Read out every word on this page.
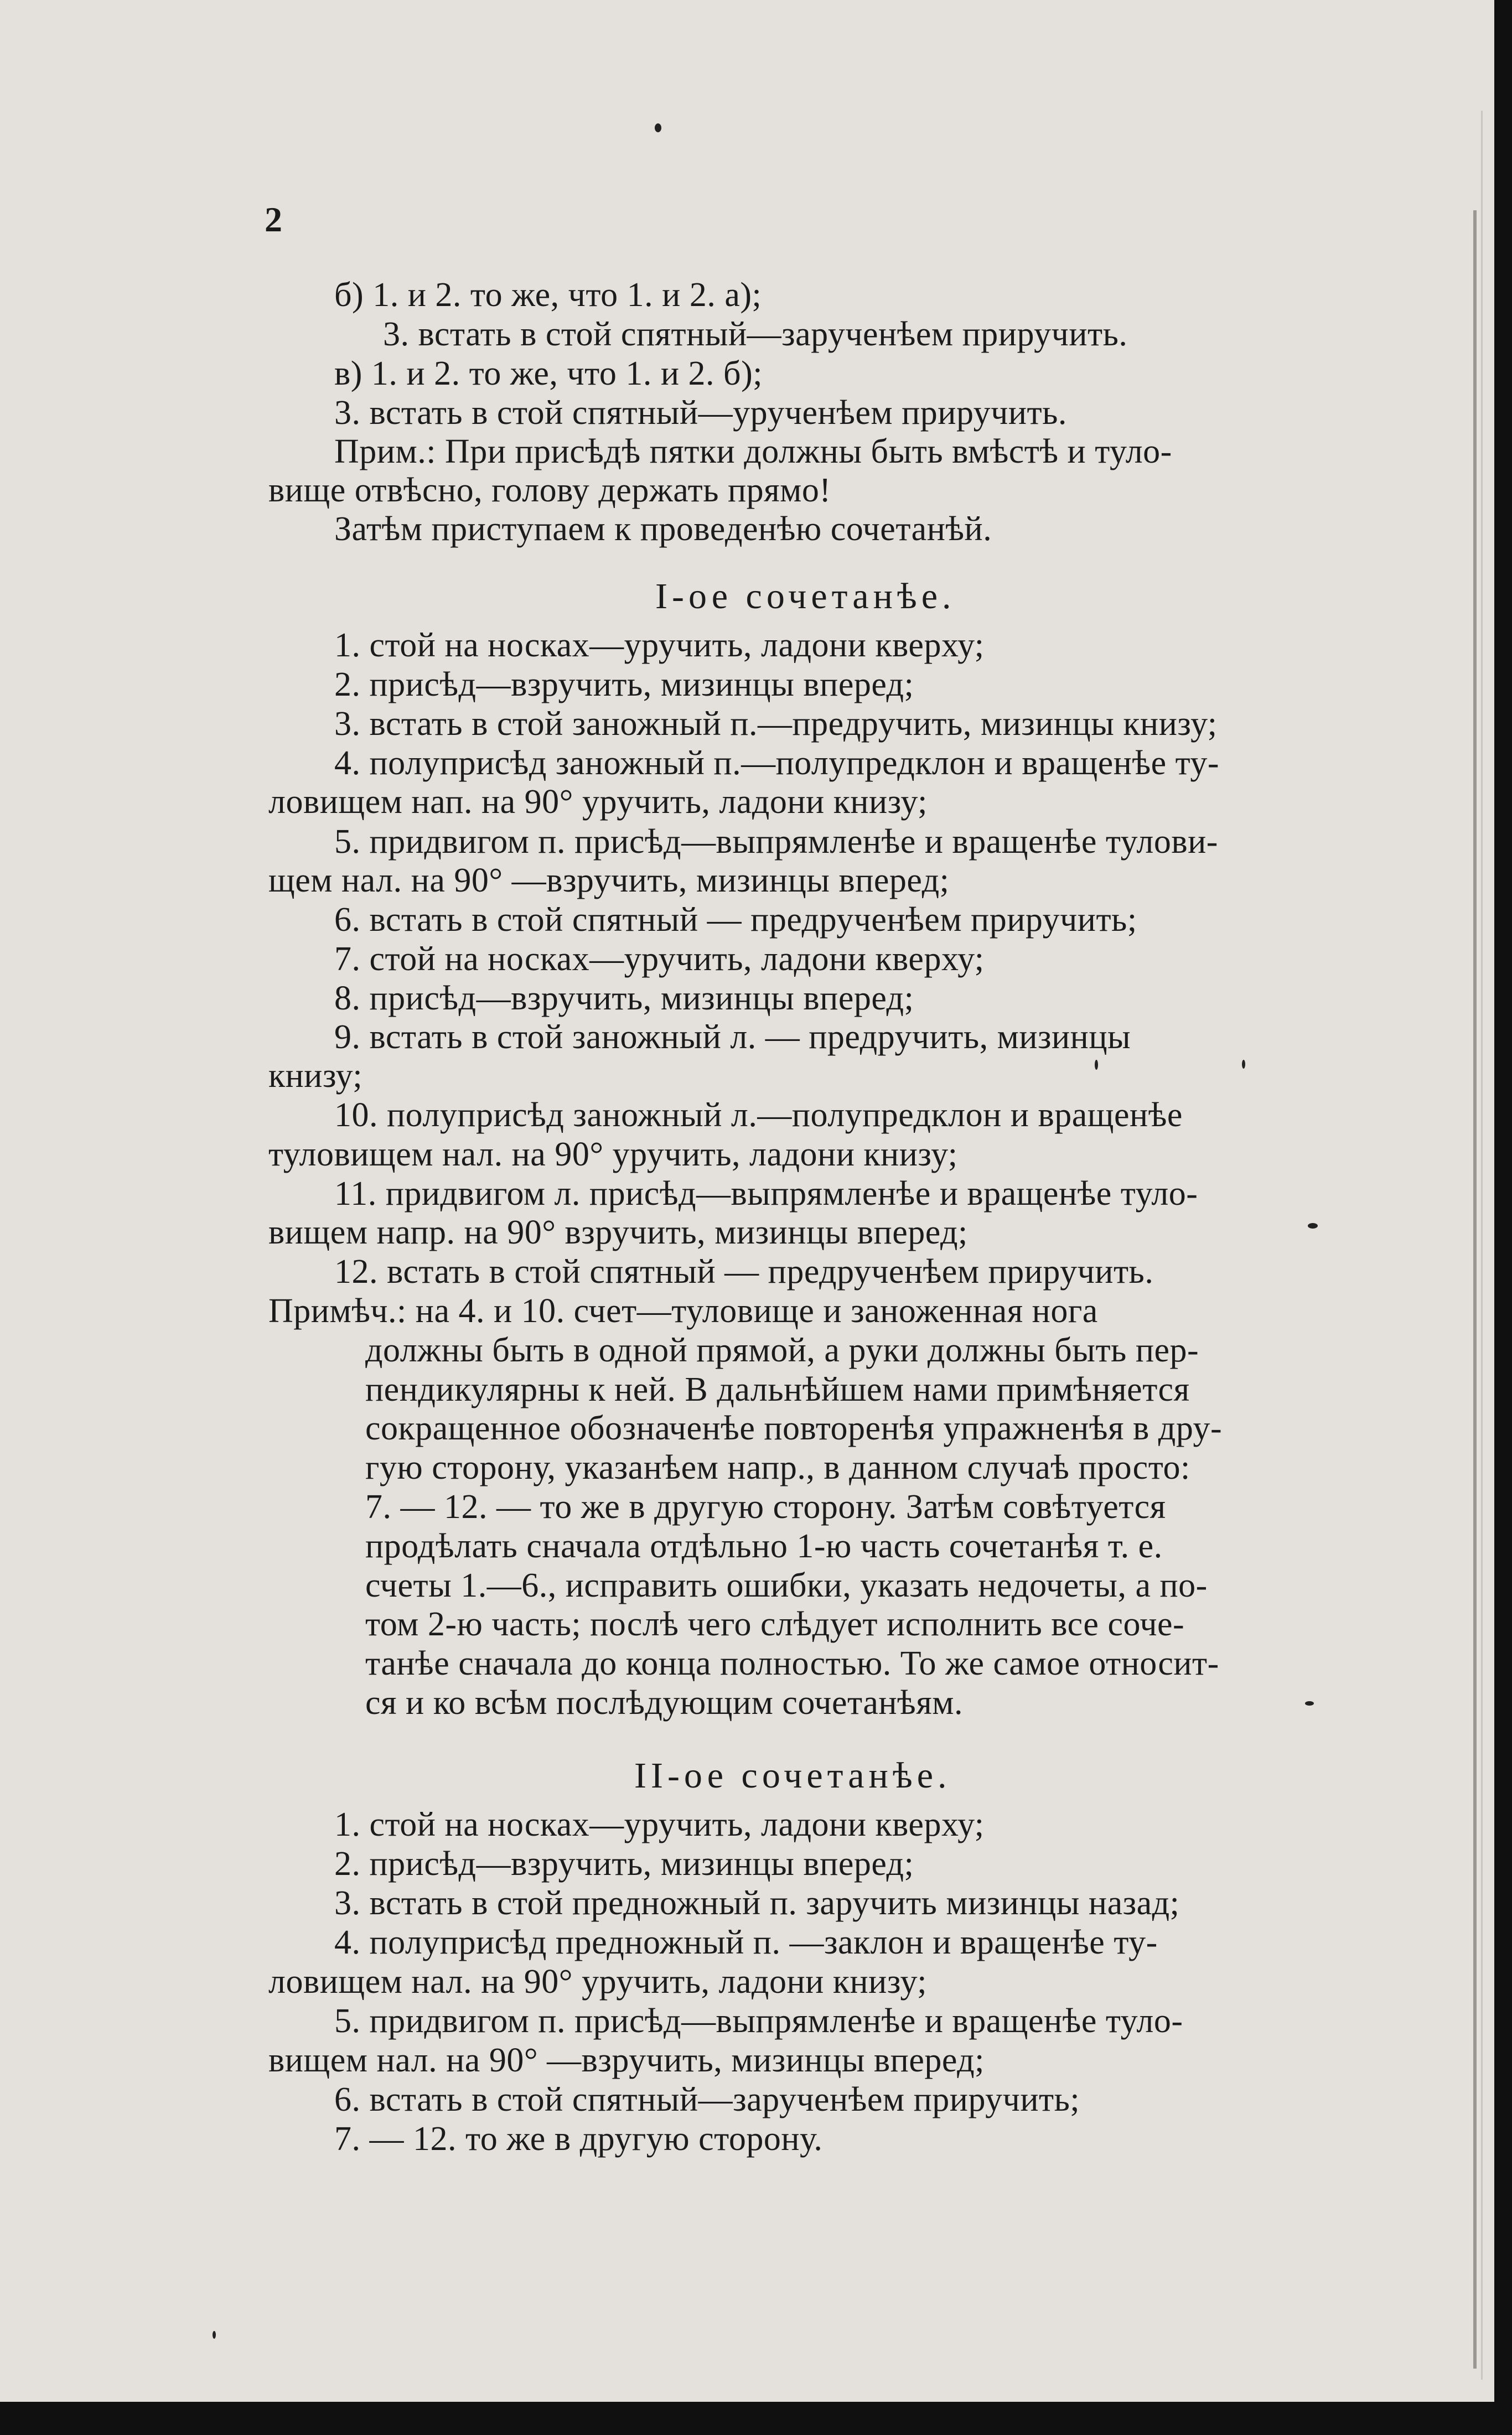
2
б) 1. и 2. то же, что 1. и 2. а);
3. встать в стой спятный—зарученѣем приручить.
в) 1. и 2. то же, что 1. и 2. б);
3. встать в стой спятный—урученѣем приручить.
Прим.: При присѣдѣ пятки должны быть вмѣстѣ и туло-
вище отвѣсно, голову держать прямо!
Затѣм приступаем к проведенѣю сочетанѣй.
I-ое сочетанѣе.
1. стой на носках—уручить, ладони кверху;
2. присѣд—взручить, мизинцы вперед;
3. встать в стой заножный п.—предручить, мизинцы книзу;
4. полуприсѣд заножный п.—полупредклон и вращенѣе ту-
ловищем нап. на 90° уручить, ладони книзу;
5. придвигом п. присѣд—выпрямленѣе и вращенѣе тулови-
щем нал. на 90° —взручить, мизинцы вперед;
6. встать в стой спятный — предрученѣем приручить;
7. стой на носках—уручить, ладони кверху;
8. присѣд—взручить, мизинцы вперед;
9. встать в стой заножный л. — предручить, мизинцы
книзу;
10. полуприсѣд заножный л.—полупредклон и вращенѣе
туловищем нал. на 90° уручить, ладони книзу;
11. придвигом л. присѣд—выпрямленѣе и вращенѣе туло-
вищем напр. на 90° взручить, мизинцы вперед;
12. встать в стой спятный — предрученѣем приручить.
Примѣч.: на 4. и 10. счет—туловище и заноженная нога
должны быть в одной прямой, а руки должны быть пер-
пендикулярны к ней. В дальнѣйшем нами примѣняется
сокращенное обозначенѣе повторенѣя упражненѣя в дру-
гую сторону, указанѣем напр., в данном случаѣ просто:
7. — 12. — то же в другую сторону. Затѣм совѣтуется
продѣлать сначала отдѣльно 1-ю часть сочетанѣя т. е.
счеты 1.—6., исправить ошибки, указать недочеты, а по-
том 2-ю часть; послѣ чего слѣдует исполнить все соче-
танѣе сначала до конца полностью. То же самое относит-
ся и ко всѣм послѣдующим сочетанѣям.
II-ое сочетанѣе.
1. стой на носках—уручить, ладони кверху;
2. присѣд—взручить, мизинцы вперед;
3. встать в стой предножный п. заручить мизинцы назад;
4. полуприсѣд предножный п. —заклон и вращенѣе ту-
ловищем нал. на 90° уручить, ладони книзу;
5. придвигом п. присѣд—выпрямленѣе и вращенѣе туло-
вищем нал. на 90° —взручить, мизинцы вперед;
6. встать в стой спятный—зарученѣем приручить;
7. — 12. то же в другую сторону.
